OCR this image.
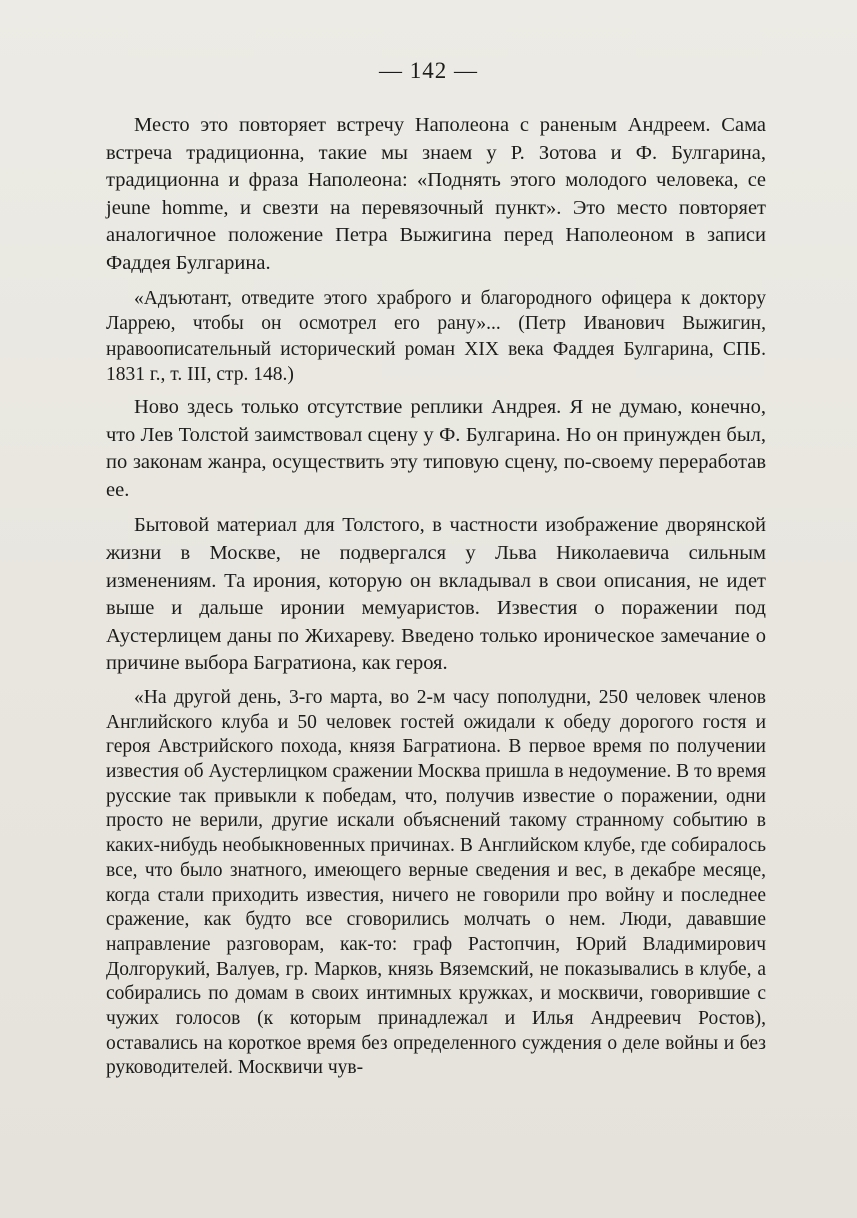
— 142 —

Место это повторяет встречу Наполеона с раненым Андреем. Сама встреча традиционна, такие мы знаем у Р. Зотова и Ф. Булгарина, традиционна и фраза Наполеона: «Поднять этого молодого человека, ce jeune homme, и свезти на перевязочный пункт». Это место повторяет аналогичное положение Петра Выжигина перед Наполеоном в записи Фаддея Булгарина.

«Адъютант, отведите этого храброго и благородного офицера к доктору Ларрею, чтобы он осмотрел его рану»... (Петр Иванович Выжигин, нравоописательный исторический роман XIX века Фаддея Булгарина, СПБ. 1831 г., т. III, стр. 148.)

Ново здесь только отсутствие реплики Андрея. Я не думаю, конечно, что Лев Толстой заимствовал сцену у Ф. Булгарина. Но он принужден был, по законам жанра, осуществить эту типовую сцену, по-своему переработав ее.

Бытовой материал для Толстого, в частности изображение дворянской жизни в Москве, не подвергался у Льва Николаевича сильным изменениям. Та ирония, которую он вкладывал в свои описания, не идет выше и дальше иронии мемуаристов. Известия о поражении под Аустерлицем даны по Жихареву. Введено только ироническое замечание о причине выбора Багратиона, как героя.

«На другой день, 3-го марта, во 2-м часу пополудни, 250 человек членов Английского клуба и 50 человек гостей ожидали к обеду дорогого гостя и героя Австрийского похода, князя Багратиона. В первое время по получении известия об Аустерлицком сражении Москва пришла в недоумение. В то время русские так привыкли к победам, что, получив известие о поражении, одни просто не верили, другие искали объяснений такому странному событию в каких-нибудь необыкновенных причинах. В Английском клубе, где собиралось все, что было знатного, имеющего верные сведения и вес, в декабре месяце, когда стали приходить известия, ничего не говорили про войну и последнее сражение, как будто все сговорились молчать о нем. Люди, дававшие направление разговорам, как-то: граф Растопчин, Юрий Владимирович Долгорукий, Валуев, гр. Марков, князь Вяземский, не показывались в клубе, а собирались по домам в своих интимных кружках, и москвичи, говорившие с чужих голосов (к которым принадлежал и Илья Андреевич Ростов), оставались на короткое время без определенного суждения о деле войны и без руководителей. Москвичи чув-
